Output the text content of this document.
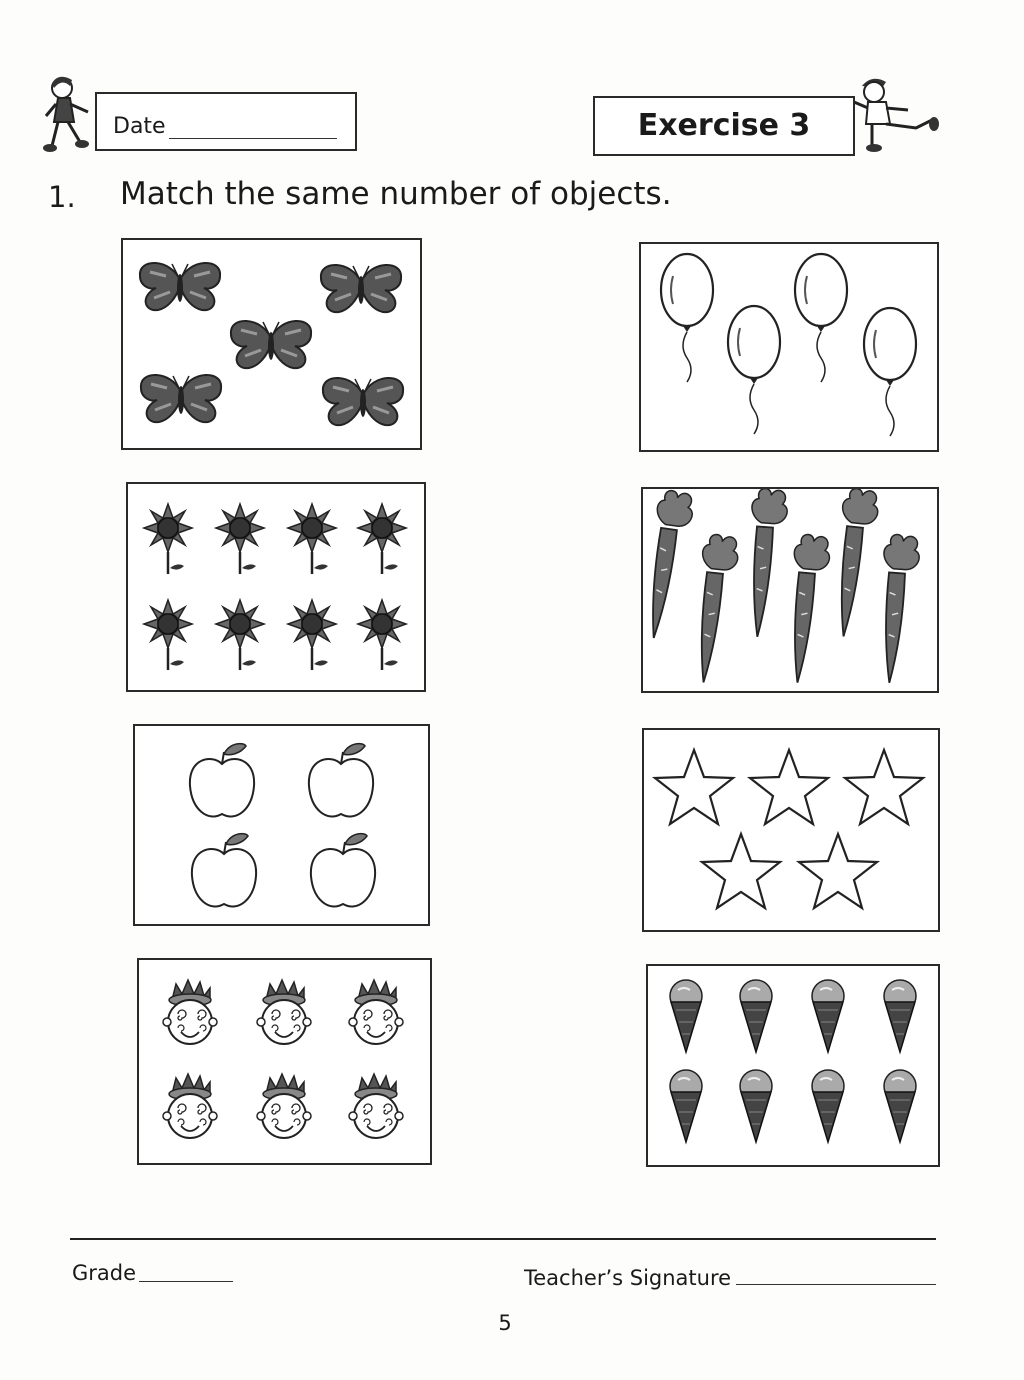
Date	Exercise 3
1. Match the same number of objects.
Grade	Teacher’s Signature
5
